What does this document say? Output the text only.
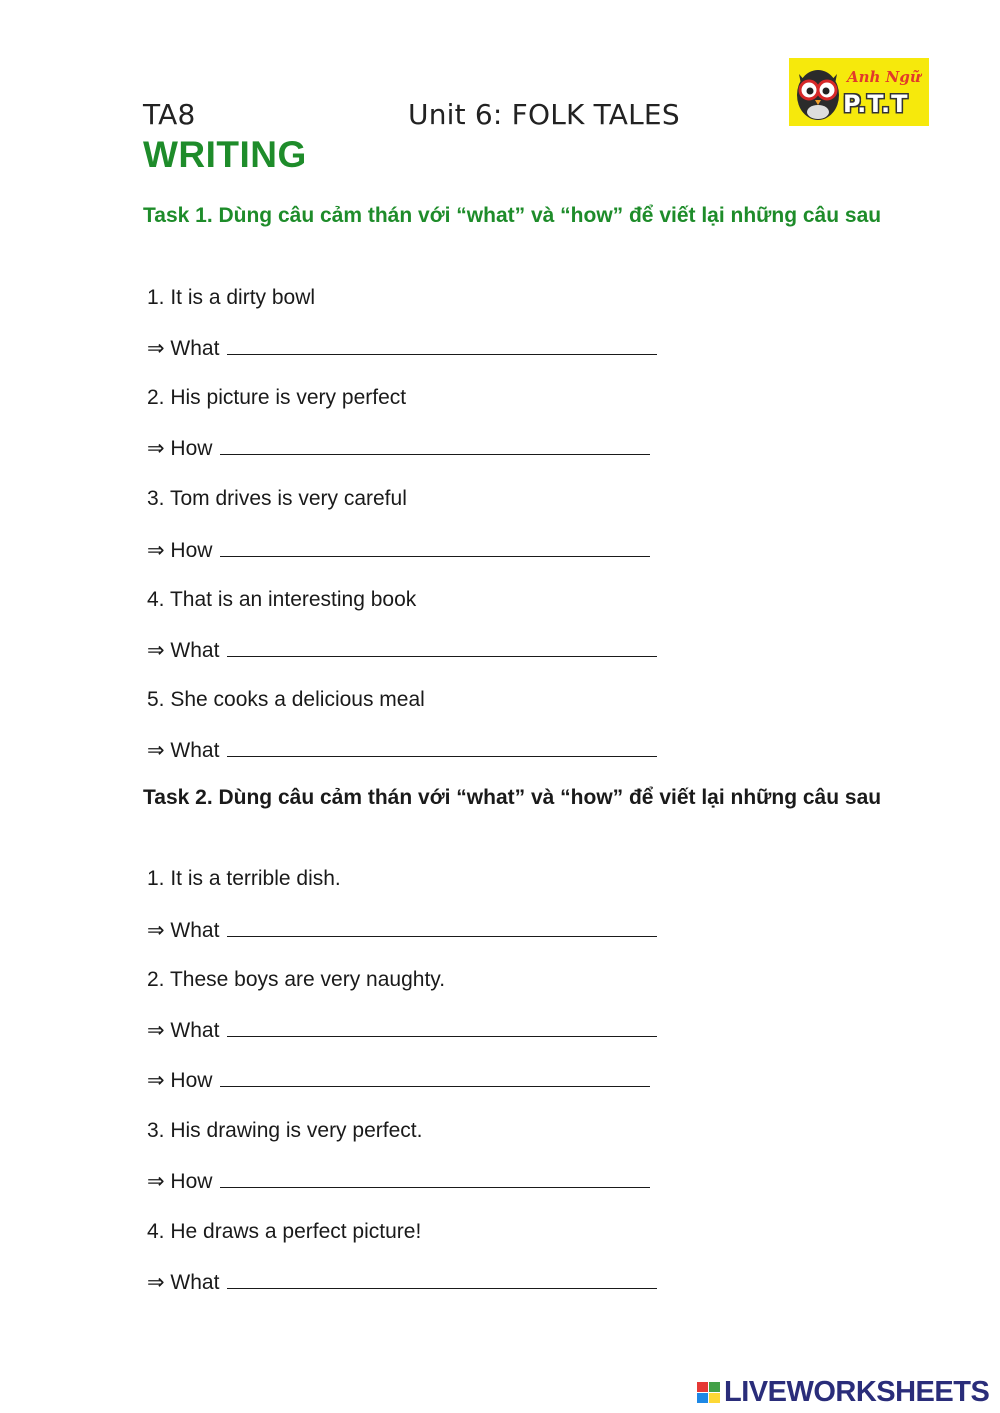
TA8	Unit 6: FOLK TALES
Anh Ngữ
P.T.T
WRITING
Task 1. Dùng câu cảm thán với “what” và “how” để viết lại những câu sau
1. It is a dirty bowl
⇒ What
2. His picture is very perfect
⇒ How
3. Tom drives is very careful
⇒ How
4. That is an interesting book
⇒ What
5. She cooks a delicious meal
⇒ What
Task 2. Dùng câu cảm thán với “what” và “how” để viết lại những câu sau
1. It is a terrible dish.
⇒ What
2. These boys are very naughty.
⇒ What
⇒ How
3. His drawing is very perfect.
⇒ How
4. He draws a perfect picture!
⇒ What
LIVEWORKSHEETS
